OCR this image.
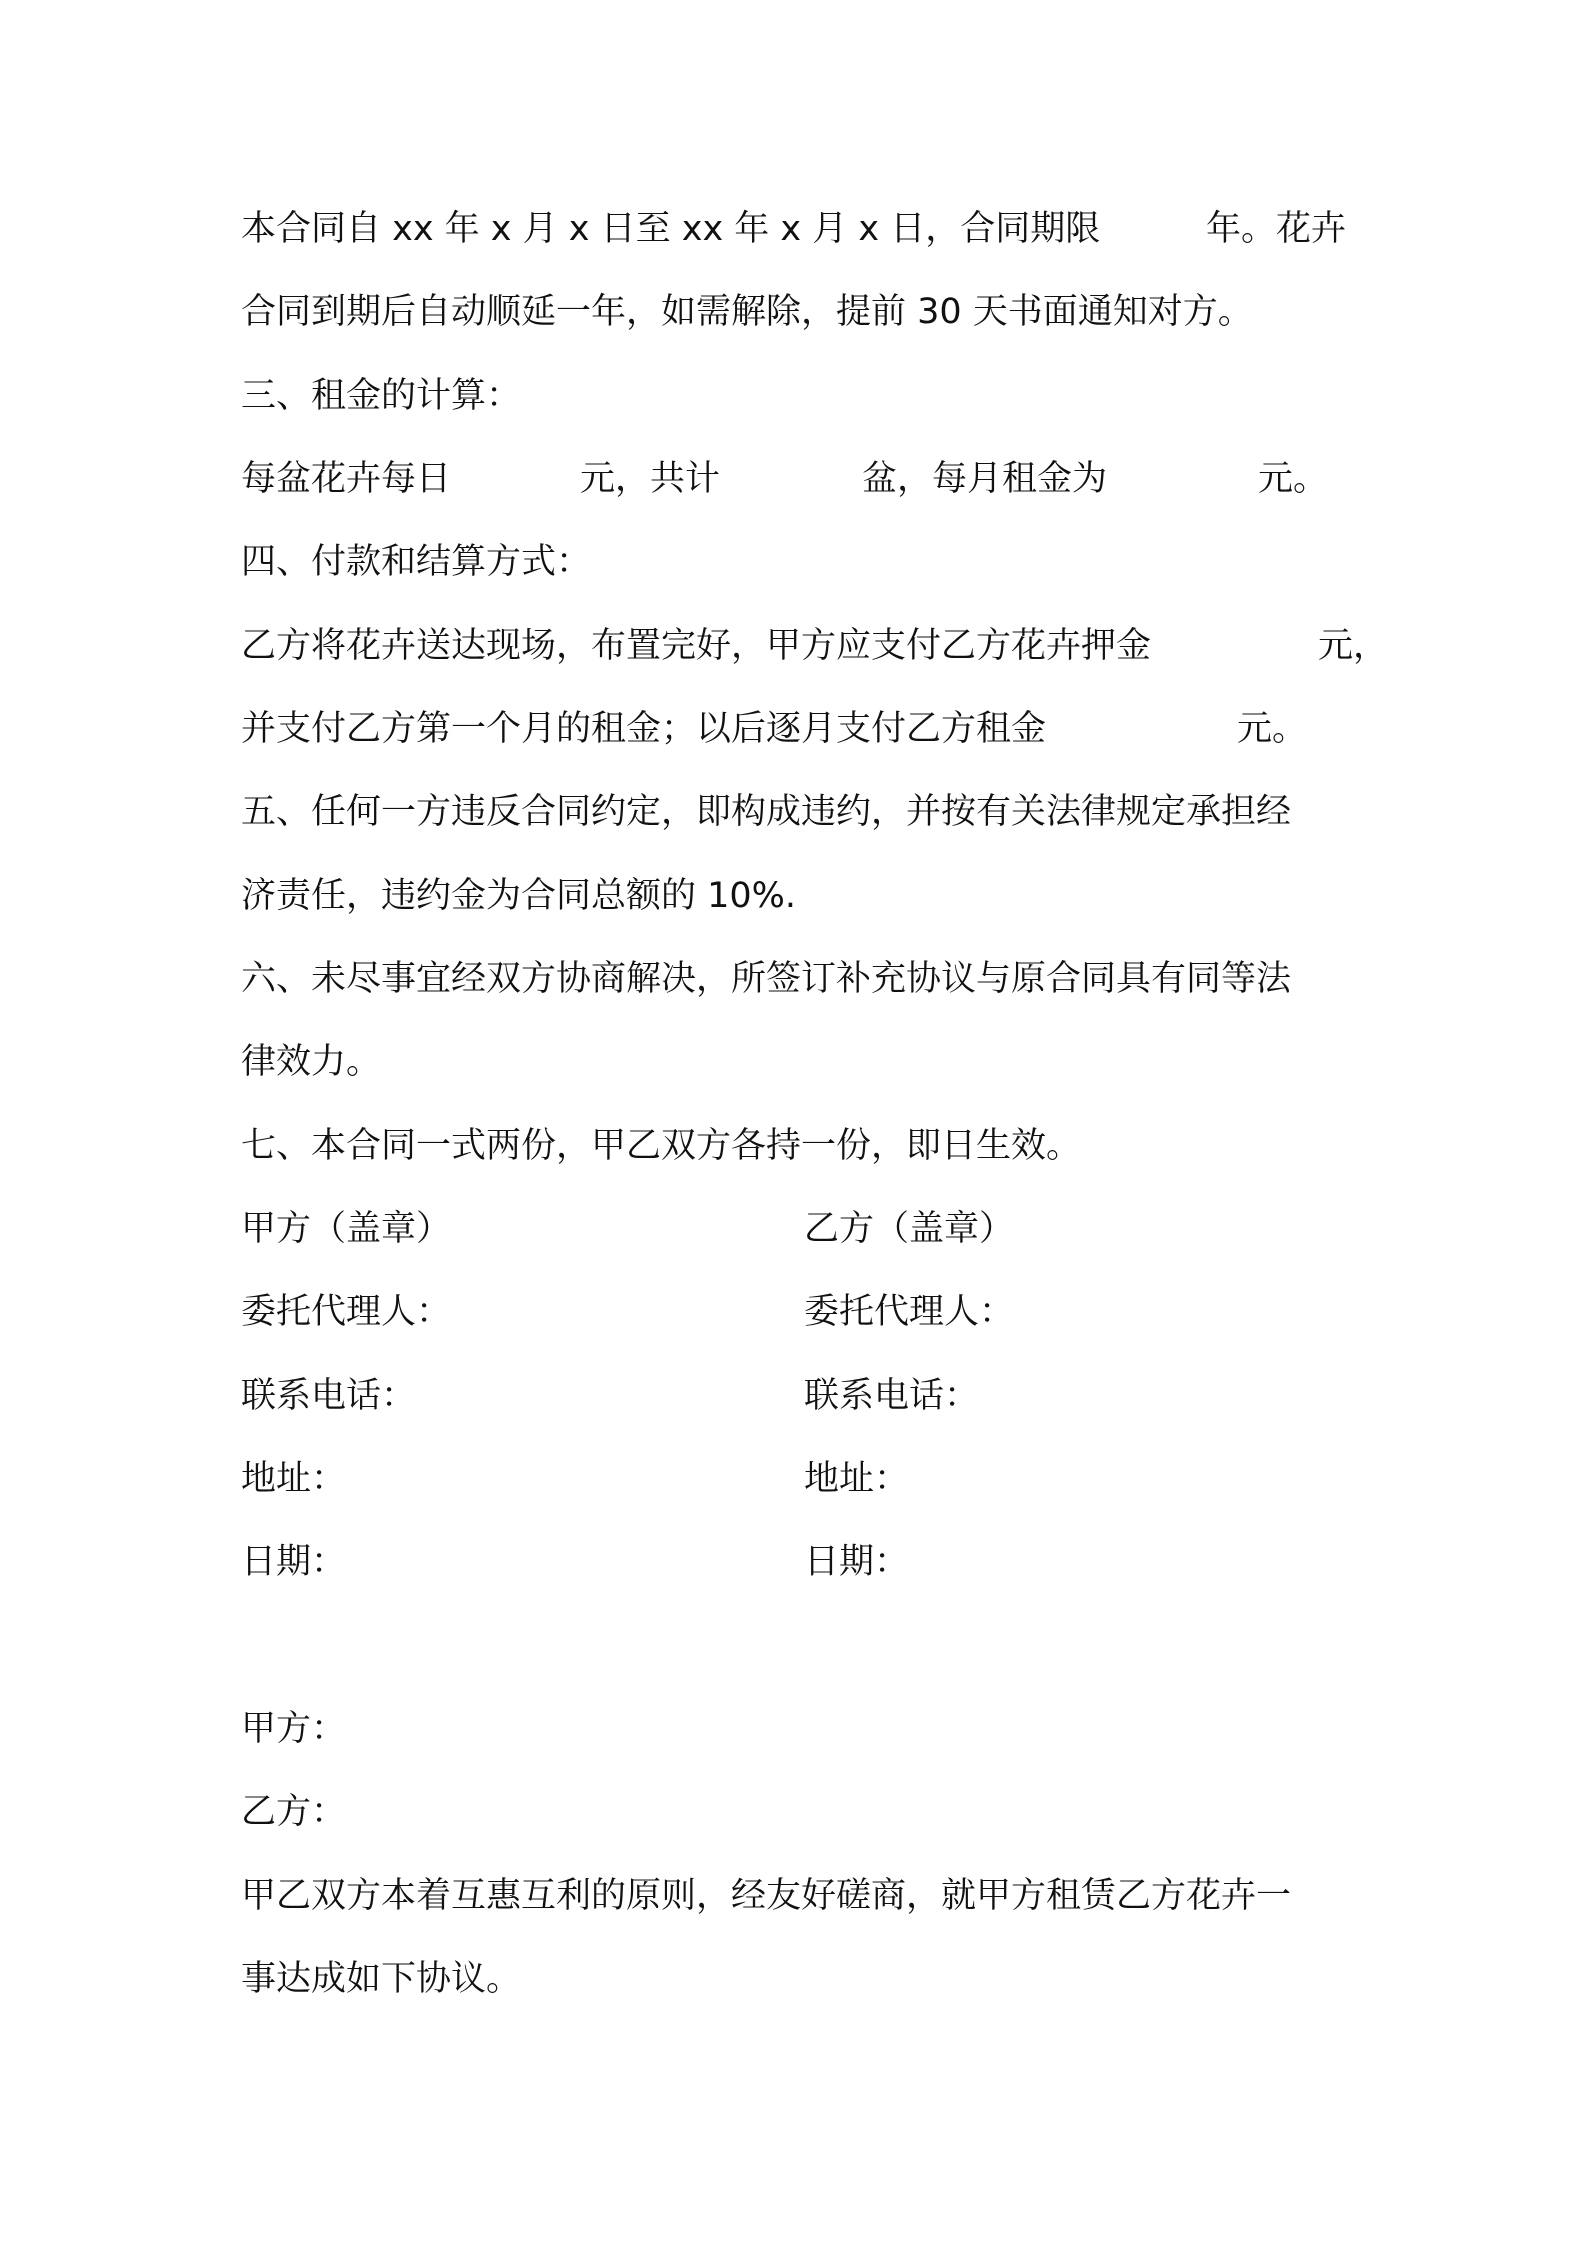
本合同自 xx 年 x 月 x 日至 xx 年 x 月 x 日，合同期限	年。花卉
合同到期后自动顺延一年，如需解除，提前 30 天书面通知对方。
三、租金的计算：
每盆花卉每日	元，共计	盆，每月租金为	元。
四、付款和结算方式：
乙方将花卉送达现场，布置完好，甲方应支付乙方花卉押金	元，
并支付乙方第一个月的租金；以后逐月支付乙方租金	元。
五、任何一方违反合同约定，即构成违约，并按有关法律规定承担经
济责任，违约金为合同总额的 10%.
六、未尽事宜经双方协商解决，所签订补充协议与原合同具有同等法
律效力。
七、本合同一式两份，甲乙双方各持一份，即日生效。
甲方（盖章）	乙方（盖章）
委托代理人：	委托代理人：
联系电话：	联系电话：
地址：	地址：
日期：	日期：
甲方：
乙方：
甲乙双方本着互惠互利的原则，经友好磋商，就甲方租赁乙方花卉一
事达成如下协议。
